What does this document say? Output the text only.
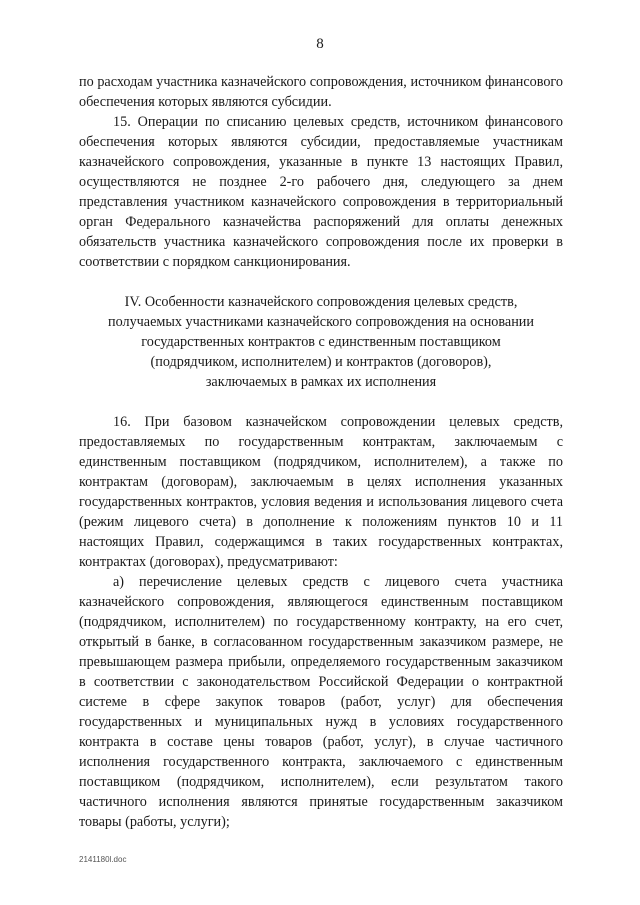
8

по расходам участника казначейского сопровождения, источником финансового обеспечения которых являются субсидии.

15. Операции по списанию целевых средств, источником финансового обеспечения которых являются субсидии, предоставляемые участникам казначейского сопровождения, указанные в пункте 13 настоящих Правил, осуществляются не позднее 2-го рабочего дня, следующего за днем представления участником казначейского сопровождения в территориальный орган Федерального казначейства распоряжений для оплаты денежных обязательств участника казначейского сопровождения после их проверки в соответствии с порядком санкционирования.

IV. Особенности казначейского сопровождения целевых средств,
получаемых участниками казначейского сопровождения на основании
государственных контрактов с единственным поставщиком
(подрядчиком, исполнителем) и контрактов (договоров),
заключаемых в рамках их исполнения

16. При базовом казначейском сопровождении целевых средств, предоставляемых по государственным контрактам, заключаемым с единственным поставщиком (подрядчиком, исполнителем), а также по контрактам (договорам), заключаемым в целях исполнения указанных государственных контрактов, условия ведения и использования лицевого счета (режим лицевого счета) в дополнение к положениям пунктов 10 и 11 настоящих Правил, содержащимся в таких государственных контрактах, контрактах (договорах), предусматривают:

а) перечисление целевых средств с лицевого счета участника казначейского сопровождения, являющегося единственным поставщиком (подрядчиком, исполнителем) по государственному контракту, на его счет, открытый в банке, в согласованном государственным заказчиком размере, не превышающем размера прибыли, определяемого государственным заказчиком в соответствии с законодательством Российской Федерации о контрактной системе в сфере закупок товаров (работ, услуг) для обеспечения государственных и муниципальных нужд в условиях государственного контракта в составе цены товаров (работ, услуг), в случае частичного исполнения государственного контракта, заключаемого с единственным поставщиком (подрядчиком, исполнителем), если результатом такого частичного исполнения являются принятые государственным заказчиком товары (работы, услуги);

2141180l.doc
